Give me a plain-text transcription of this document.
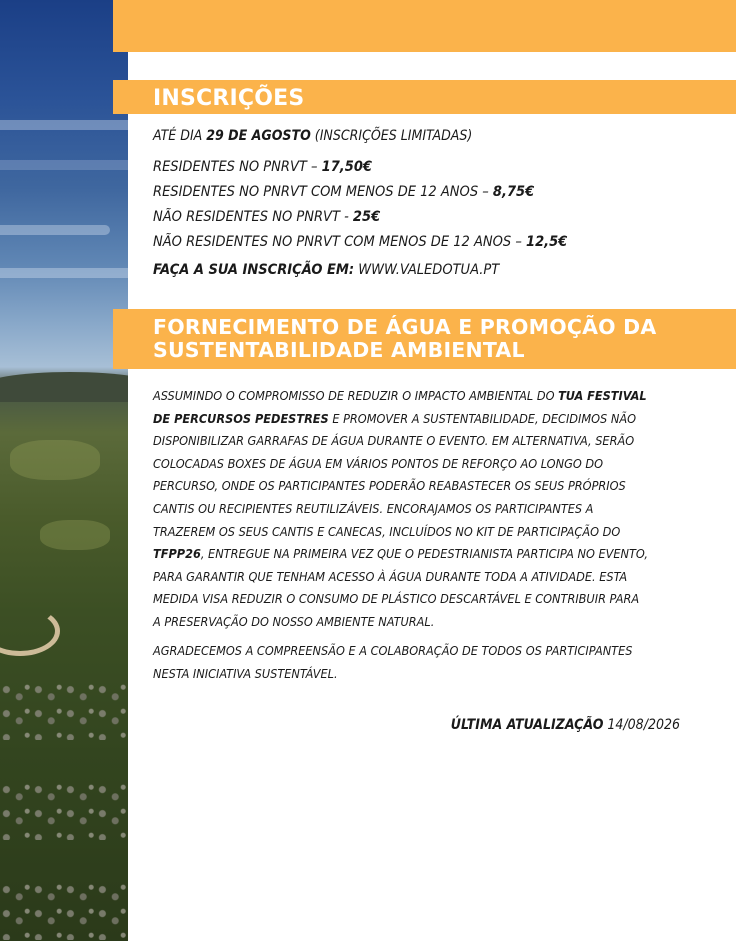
INSCRIÇÕES
ATÉ DIA 29 DE AGOSTO (INSCRIÇÕES LIMITADAS)
RESIDENTES NO PNRVT – 17,50€
RESIDENTES NO PNRVT COM MENOS DE 12 ANOS – 8,75€
NÃO RESIDENTES NO PNRVT - 25€
NÃO RESIDENTES NO PNRVT COM MENOS DE 12 ANOS – 12,5€
FAÇA A SUA INSCRIÇÃO EM: WWW.VALEDOTUA.PT
FORNECIMENTO DE ÁGUA E PROMOÇÃO DA
SUSTENTABILIDADE AMBIENTAL
ASSUMINDO O COMPROMISSO DE REDUZIR O IMPACTO AMBIENTAL DO TUA FESTIVAL
DE PERCURSOS PEDESTRES E PROMOVER A SUSTENTABILIDADE, DECIDIMOS NÃO
DISPONIBILIZAR GARRAFAS DE ÁGUA DURANTE O EVENTO. EM ALTERNATIVA, SERÃO
COLOCADAS BOXES DE ÁGUA EM VÁRIOS PONTOS DE REFORÇO AO LONGO DO
PERCURSO, ONDE OS PARTICIPANTES PODERÃO REABASTECER OS SEUS PRÓPRIOS
CANTIS OU RECIPIENTES REUTILIZÁVEIS. ENCORAJAMOS OS PARTICIPANTES A
TRAZEREM OS SEUS CANTIS E CANECAS, INCLUÍDOS NO KIT DE PARTICIPAÇÃO DO
TFPP26, ENTREGUE NA PRIMEIRA VEZ QUE O PEDESTRIANISTA PARTICIPA NO EVENTO,
PARA GARANTIR QUE TENHAM ACESSO À ÁGUA DURANTE TODA A ATIVIDADE. ESTA
MEDIDA VISA REDUZIR O CONSUMO DE PLÁSTICO DESCARTÁVEL E CONTRIBUIR PARA
A PRESERVAÇÃO DO NOSSO AMBIENTE NATURAL.
AGRADECEMOS A COMPREENSÃO E A COLABORAÇÃO DE TODOS OS PARTICIPANTES
NESTA INICIATIVA SUSTENTÁVEL.
ÚLTIMA ATUALIZAÇÃO 14/08/2026
